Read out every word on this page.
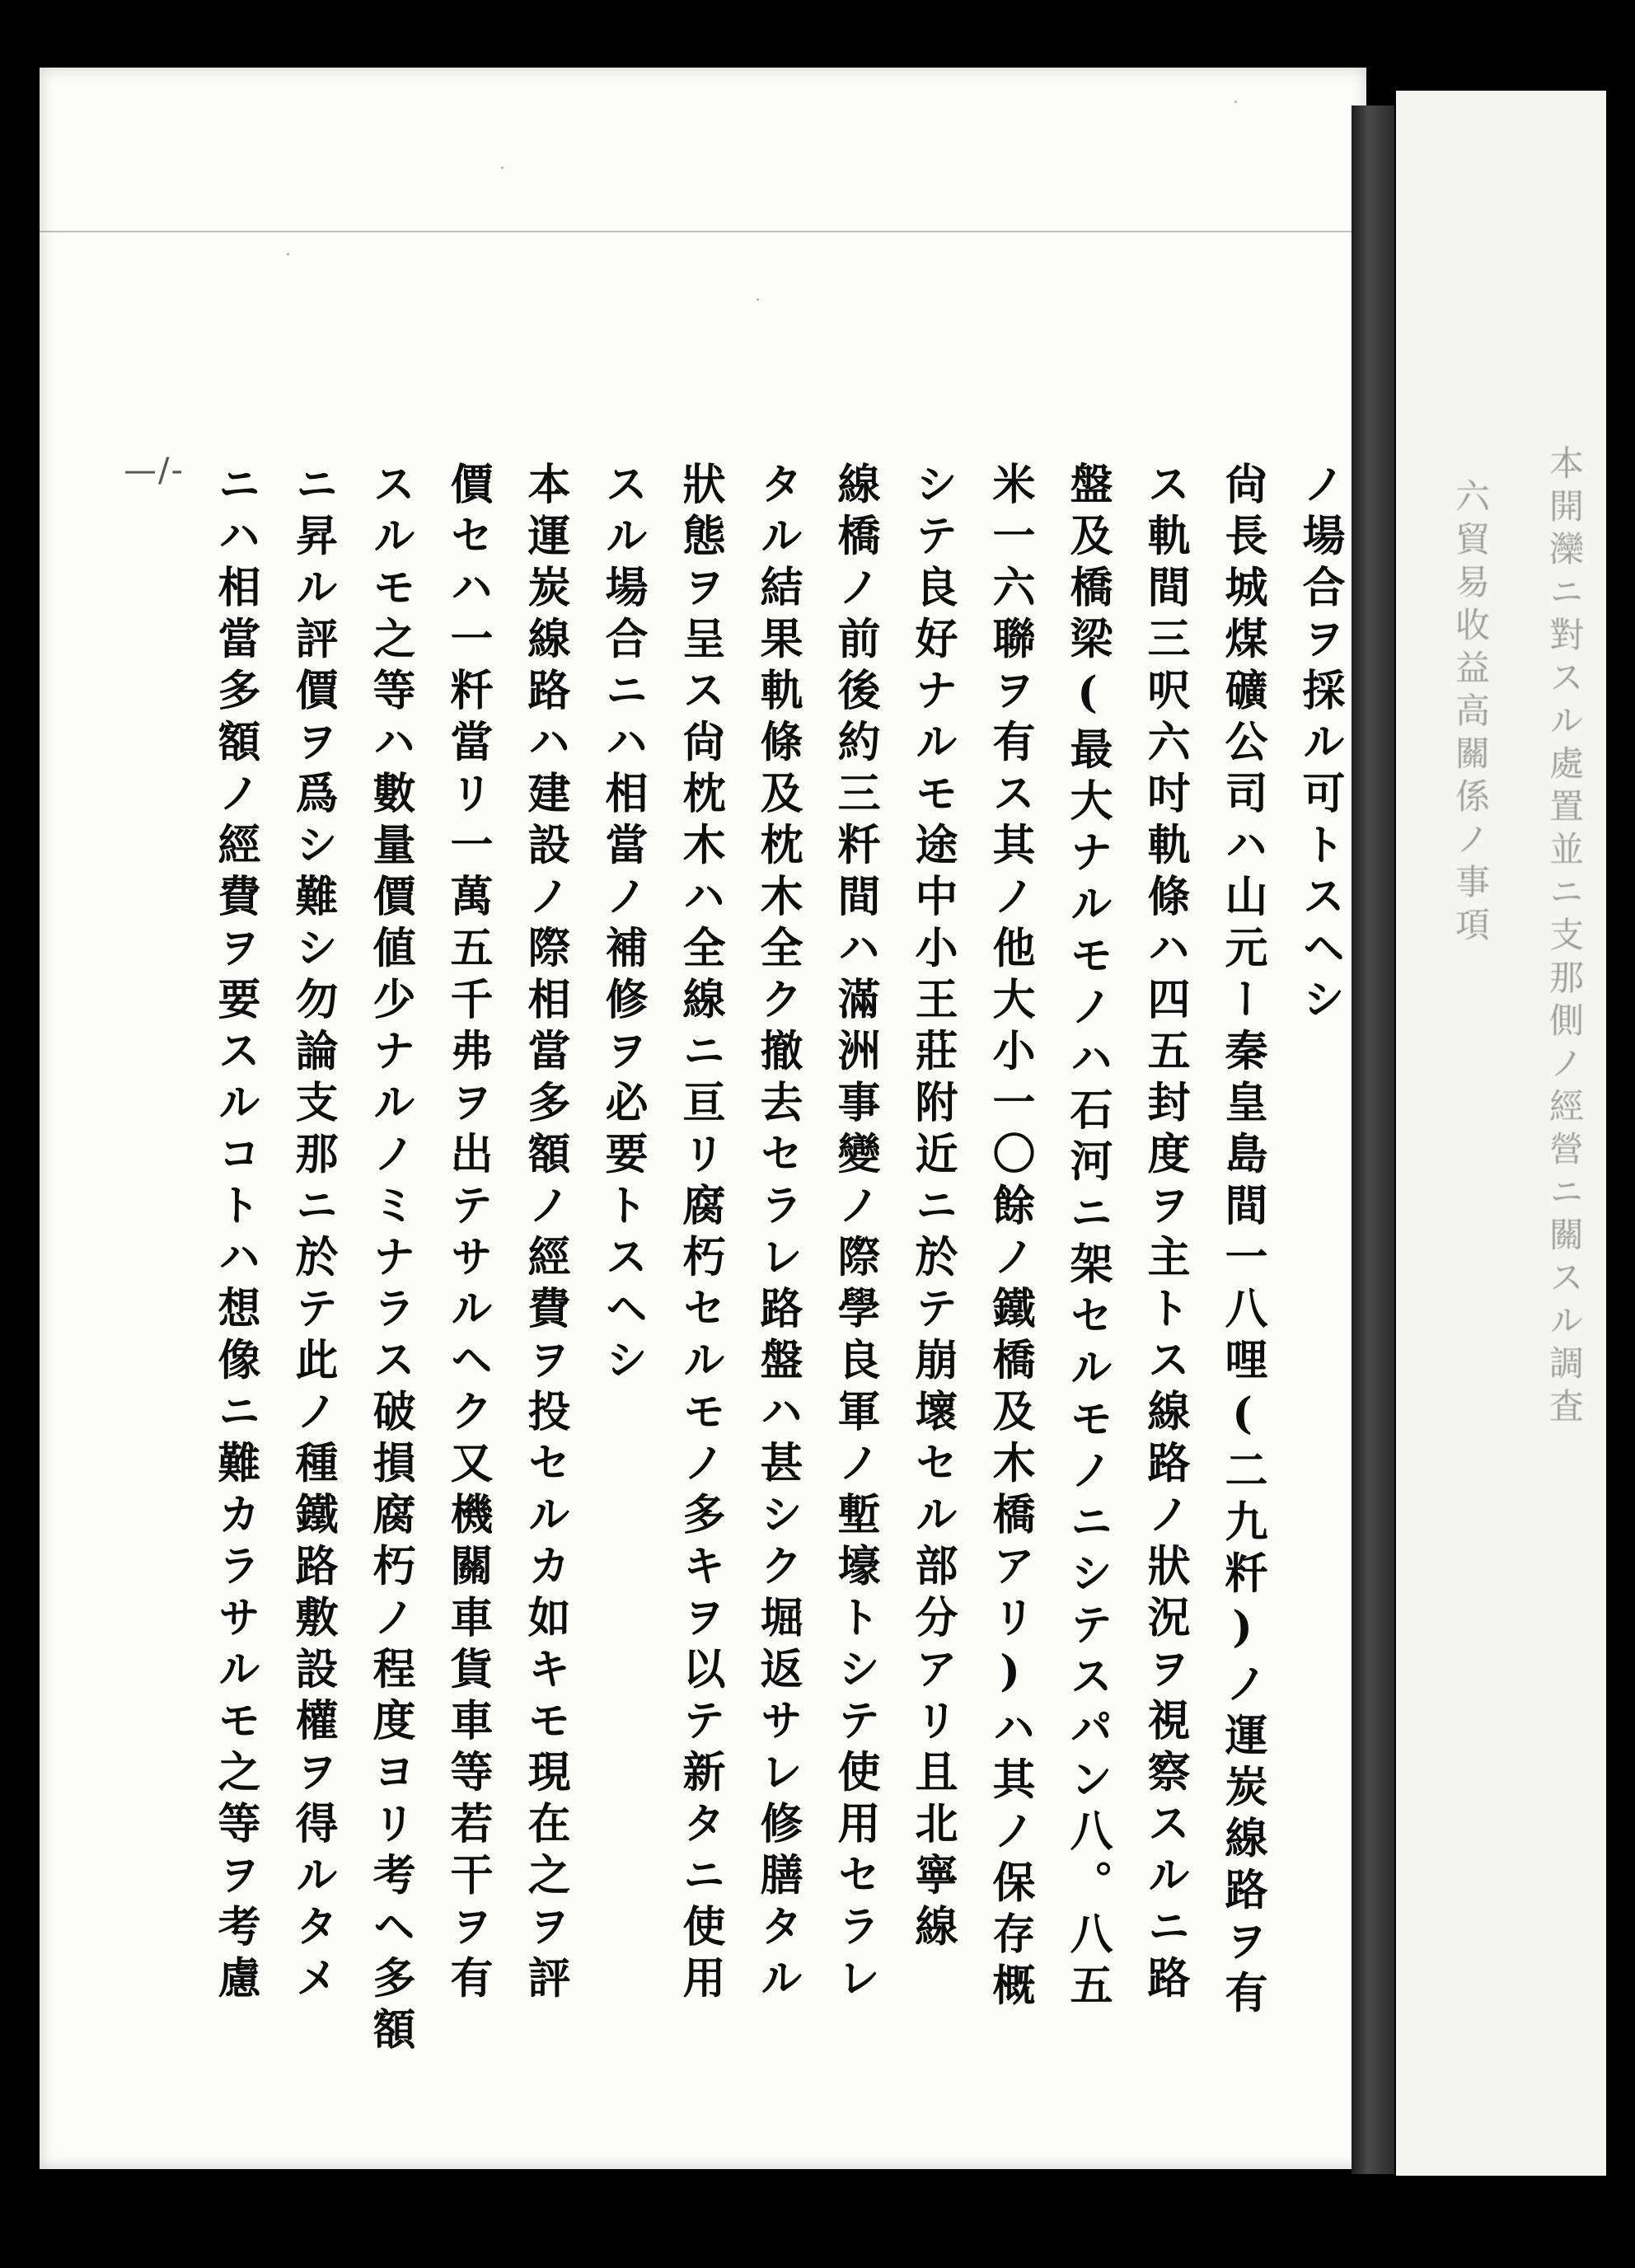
本開灤ニ對スル處置並ニ支那側ノ經營ニ關スル調査
六貿易收益高關係ノ事項
—/-	ノ場合ヲ採ル可トスヘシ
尙長城煤礦公司ハ山元ー秦皇島間一八哩(二九粁)ノ運炭線路ヲ有
ス軌間三呎六吋軌條ハ四五封度ヲ主トス線路ノ狀況ヲ視察スルニ路
盤及橋梁(最大ナルモノハ石河ニ架セルモノニシテスパン八。八五
米一六聯ヲ有ス其ノ他大小一〇餘ノ鐵橋及木橋アリ)ハ其ノ保存概
シテ良好ナルモ途中小王莊附近ニ於テ崩壞セル部分アリ且北寧線
線橋ノ前後約三粁間ハ滿洲事變ノ際學良軍ノ塹壕トシテ使用セラレ
タル結果軌條及枕木全ク撤去セラレ路盤ハ甚シク堀返サレ修膳タル
狀態ヲ呈ス尙枕木ハ全線ニ亘リ腐朽セルモノ多キヲ以テ新タニ使用
スル場合ニハ相當ノ補修ヲ必要トスヘシ
本運炭線路ハ建設ノ際相當多額ノ經費ヲ投セルカ如キモ現在之ヲ評
價セハ一粁當リ一萬五千弗ヲ出テサルヘク又機關車貨車等若干ヲ有
スルモ之等ハ數量價値少ナルノミナラス破損腐朽ノ程度ヨリ考ヘ多額
ニ昇ル評價ヲ爲シ難シ勿論支那ニ於テ此ノ種鐵路敷設權ヲ得ルタメ
ニハ相當多額ノ經費ヲ要スルコトハ想像ニ難カラサルモ之等ヲ考慮
